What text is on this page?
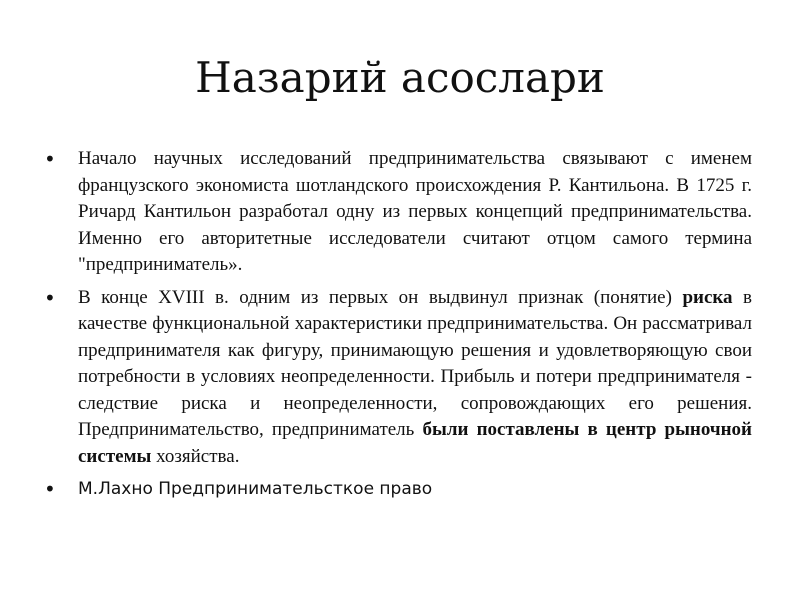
Назарий асослари
• Начало научных исследований предпринимательства связывают с именем французского экономиста шотландского происхождения Р. Кантильона. В 1725 г. Ричард Кантильон разработал одну из первых концепций предпринимательства. Именно его авторитетные исследователи считают отцом самого термина "предприниматель».
• В конце XVIII в. одним из первых он выдвинул признак (понятие) риска в качестве функциональной характеристики предпринимательства. Он рассматривал предпринимателя как фигуру, принимающую решения и удовлетворяющую свои потребности в условиях неопределенности. Прибыль и потери предпринимателя - следствие риска и неопределенности, сопровождающих его решения. Предпринимательство, предприниматель были поставлены в центр рыночной системы хозяйства.
• М.Лахно Предпринимательсткое право
